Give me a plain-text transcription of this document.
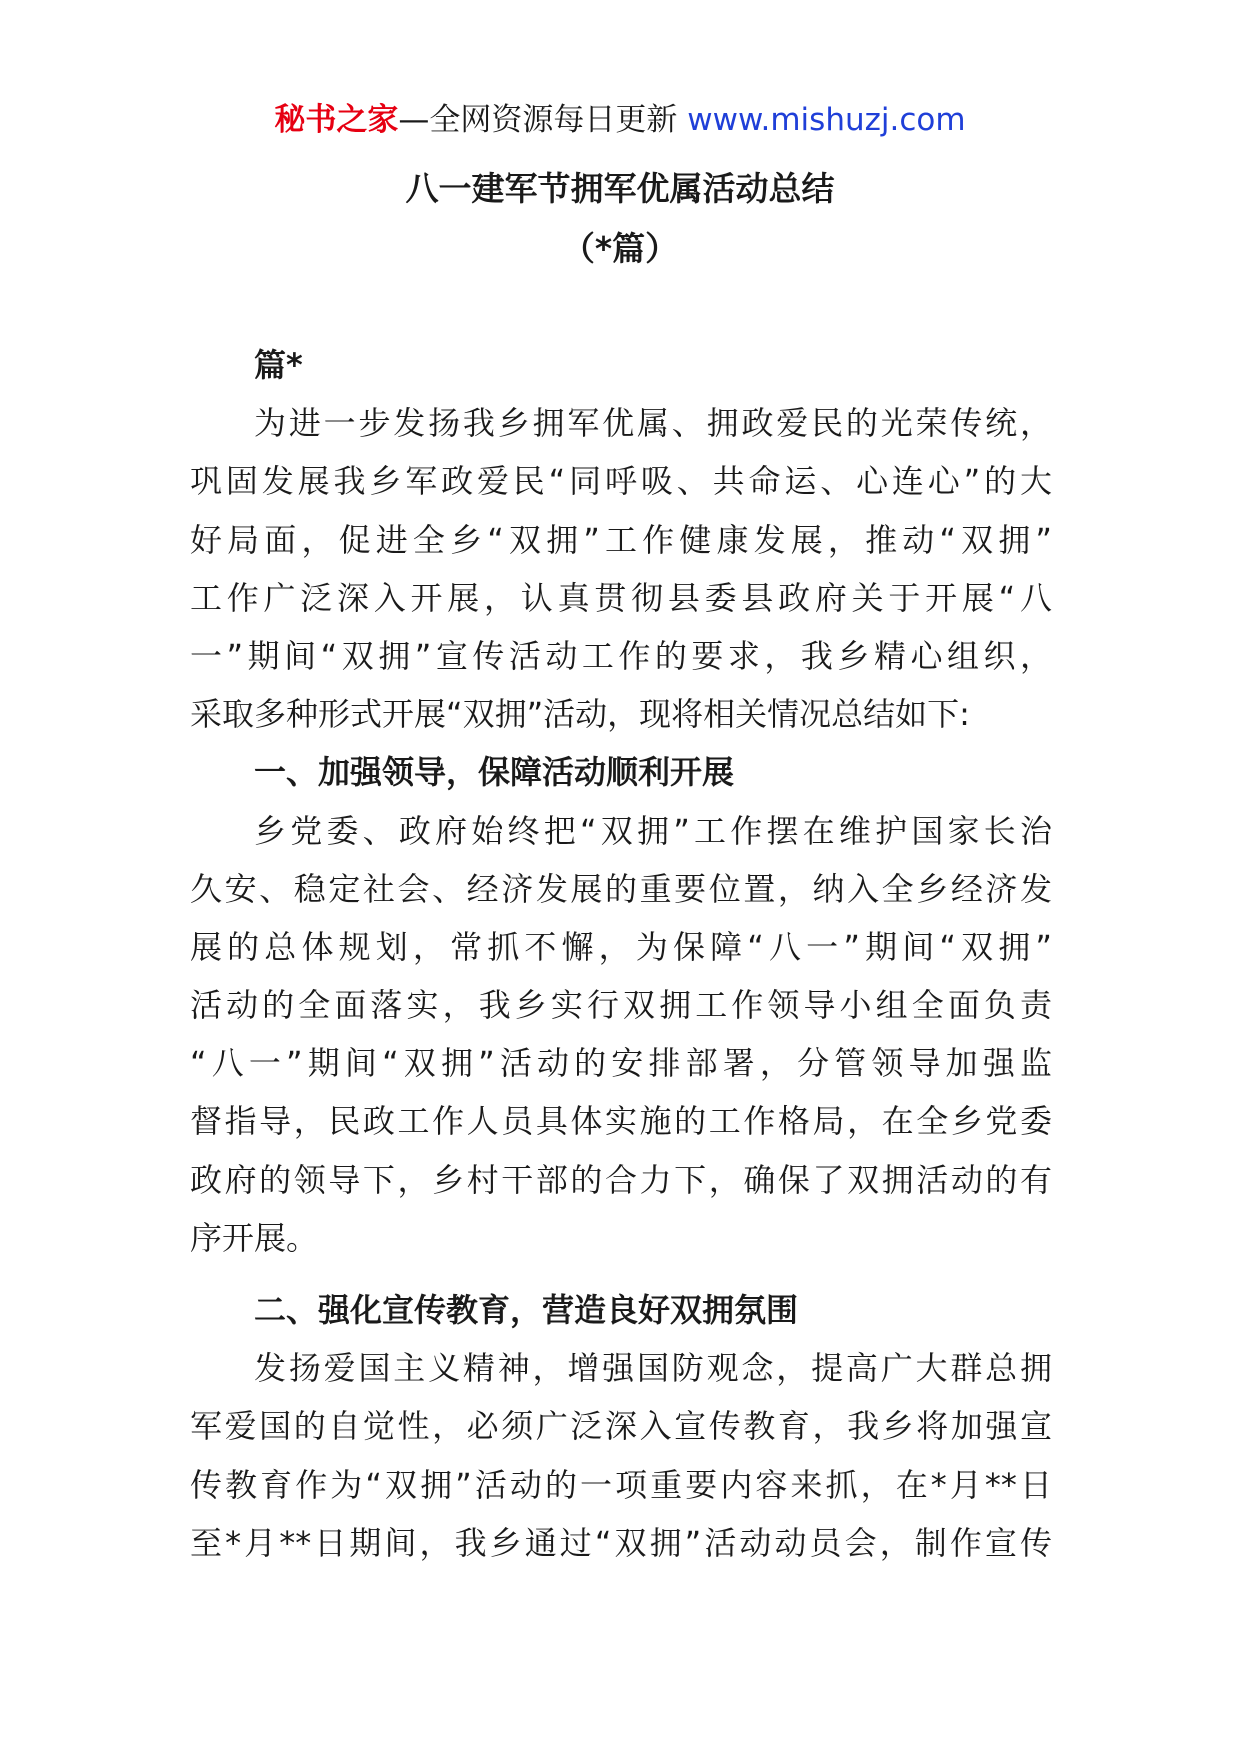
秘书之家—全网资源每日更新 www.mishuzj.com
八一建军节拥军优属活动总结
（*篇）
篇*
为进一步发扬我乡拥军优属、拥政爱民的光荣传统，
巩固发展我乡军政爱民“同呼吸、共命运、心连心”的大
好局面，促进全乡“双拥”工作健康发展，推动“双拥”
工作广泛深入开展，认真贯彻县委县政府关于开展“八
一”期间“双拥”宣传活动工作的要求，我乡精心组织，
采取多种形式开展“双拥”活动，现将相关情况总结如下:
一、加强领导，保障活动顺利开展
乡党委、政府始终把“双拥”工作摆在维护国家长治
久安、稳定社会、经济发展的重要位置，纳入全乡经济发
展的总体规划，常抓不懈，为保障“八一”期间“双拥”
活动的全面落实，我乡实行双拥工作领导小组全面负责
“八一”期间“双拥”活动的安排部署，分管领导加强监
督指导，民政工作人员具体实施的工作格局，在全乡党委
政府的领导下，乡村干部的合力下，确保了双拥活动的有
序开展。
二、强化宣传教育，营造良好双拥氛围
发扬爱国主义精神，增强国防观念，提高广大群总拥
军爱国的自觉性，必须广泛深入宣传教育，我乡将加强宣
传教育作为“双拥”活动的一项重要内容来抓，在*月**日
至*月**日期间，我乡通过“双拥”活动动员会，制作宣传
